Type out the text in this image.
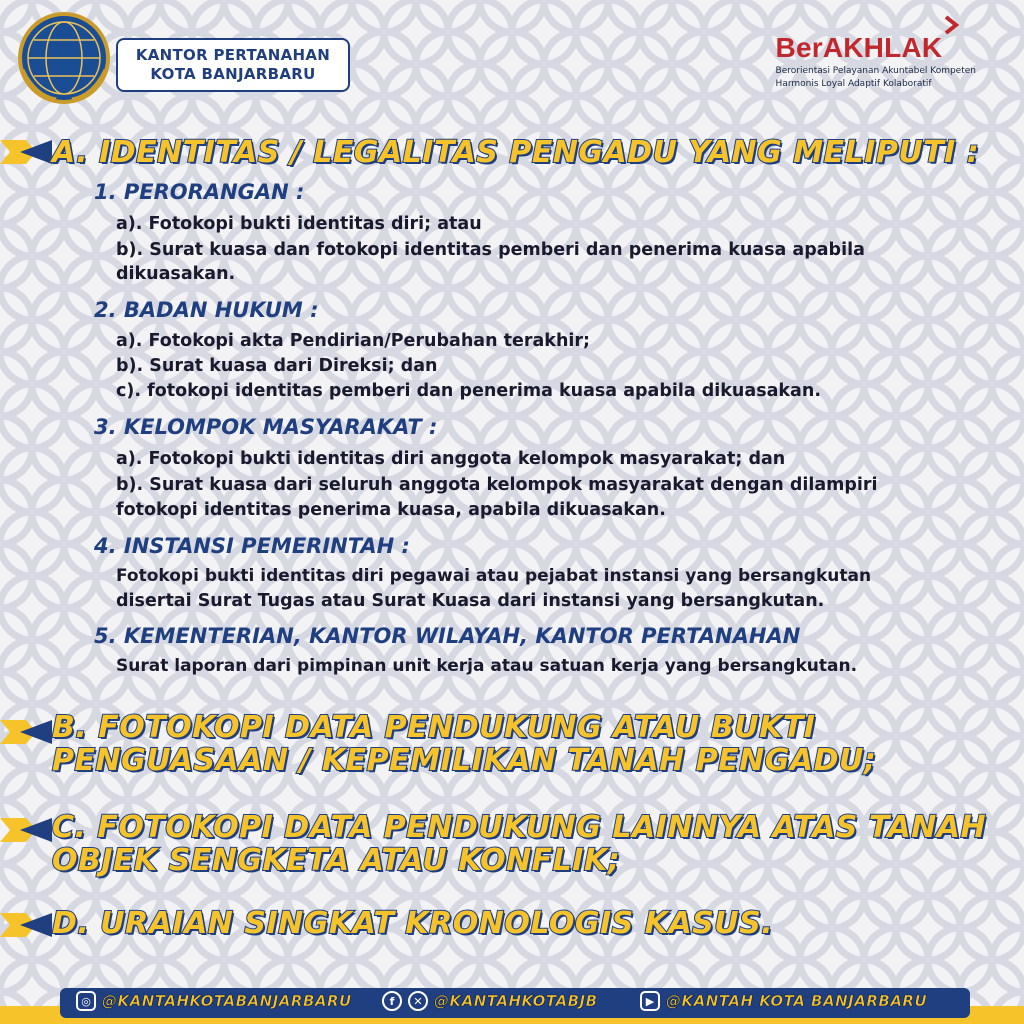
KANTOR PERTANAHAN
KOTA BANJARBARU
BerAKHLAK
Berorientasi Pelayanan Akuntabel Kompeten
Harmonis Loyal Adaptif Kolaboratif
A. IDENTITAS / LEGALITAS PENGADU YANG MELIPUTI :
1. PERORANGAN :
a). Fotokopi bukti identitas diri; atau
b). Surat kuasa dan fotokopi identitas pemberi dan penerima kuasa apabila
dikuasakan.
2. BADAN HUKUM :
a). Fotokopi akta Pendirian/Perubahan terakhir;
b). Surat kuasa dari Direksi; dan
c). fotokopi identitas pemberi dan penerima kuasa apabila dikuasakan.
3. KELOMPOK MASYARAKAT :
a). Fotokopi bukti identitas diri anggota kelompok masyarakat; dan
b). Surat kuasa dari seluruh anggota kelompok masyarakat dengan dilampiri
fotokopi identitas penerima kuasa, apabila dikuasakan.
4. INSTANSI PEMERINTAH :
Fotokopi bukti identitas diri pegawai atau pejabat instansi yang bersangkutan
disertai Surat Tugas atau Surat Kuasa dari instansi yang bersangkutan.
5. KEMENTERIAN, KANTOR WILAYAH, KANTOR PERTANAHAN
Surat laporan dari pimpinan unit kerja atau satuan kerja yang bersangkutan.
B. FOTOKOPI DATA PENDUKUNG ATAU BUKTI
PENGUASAAN / KEPEMILIKAN TANAH PENGADU;
C. FOTOKOPI DATA PENDUKUNG LAINNYA ATAS TANAH
OBJEK SENGKETA ATAU KONFLIK;
D. URAIAN SINGKAT KRONOLOGIS KASUS.
◎ @KANTAHKOTABANJARBARU	f	✕ @KANTAHKOTABJB	▶ @KANTAH KOTA BANJARBARU
